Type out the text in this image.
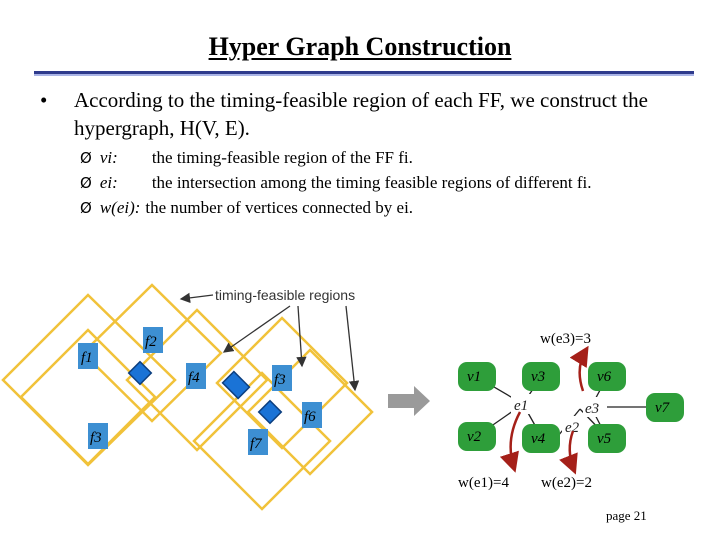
Hyper Graph Construction
• According to the timing-feasible region of each FF, we construct the hypergraph, H(V, E).
Ø vi: the timing-feasible region of the FF fi.
Ø ei: the intersection among the timing feasible regions of different fi.
Ø w(ei): the number of vertices connected by ei.
f1
f2
f4	f3
f6
f3	f7
timing-feasible regions
v1	v3	v6
v7
v2	v4	v5
e1
e2
e3
w(e3)=3
w(e1)=4 w(e2)=2
page 21
